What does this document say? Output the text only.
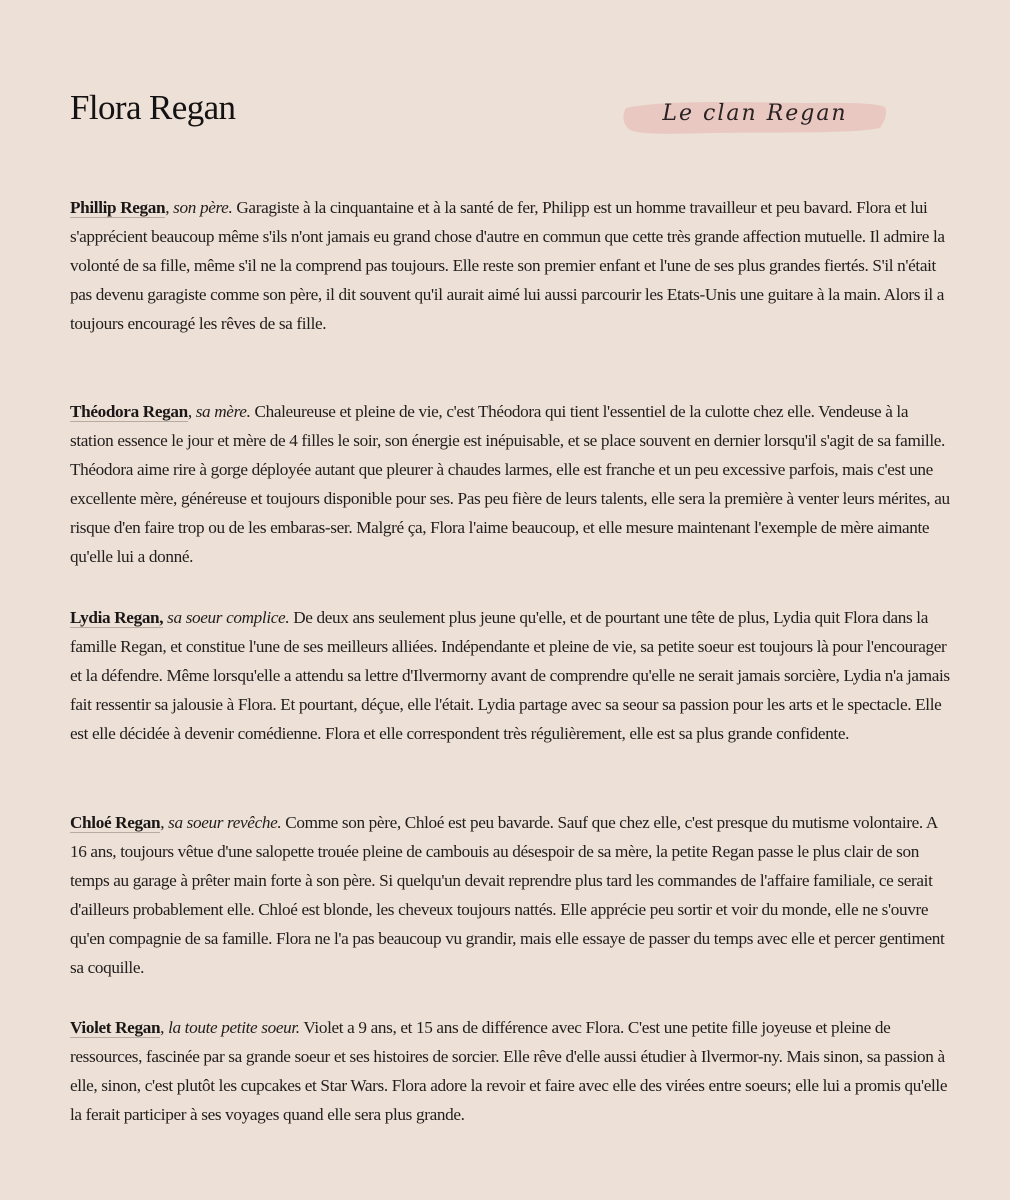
Flora Regan	Le clan Regan

Phillip Regan, son père. Garagiste à la cinquantaine et à la santé de fer, Philipp est un homme travailleur et peu bavard. Flora et lui s'apprécient beaucoup même s'ils n'ont jamais eu grand chose d'autre en commun que cette très grande affection mutuelle. Il admire la volonté de sa fille, même s'il ne la comprend pas toujours. Elle reste son premier enfant et l'une de ses plus grandes fiertés. S'il n'était pas devenu garagiste comme son père, il dit souvent qu'il aurait aimé lui aussi parcourir les Etats-Unis une guitare à la main. Alors il a toujours encouragé les rêves de sa fille.

Théodora Regan, sa mère. Chaleureuse et pleine de vie, c'est Théodora qui tient l'essentiel de la culotte chez elle. Vendeuse à la station essence le jour et mère de 4 filles le soir, son énergie est inépuisable, et se place souvent en dernier lorsqu'il s'agit de sa famille. Théodora aime rire à gorge déployée autant que pleurer à chaudes larmes, elle est franche et un peu excessive parfois, mais c'est une excellente mère, généreuse et toujours disponible pour ses. Pas peu fière de leurs talents, elle sera la première à venter leurs mérites, au risque d'en faire trop ou de les embaras-ser. Malgré ça, Flora l'aime beaucoup, et elle mesure maintenant l'exemple de mère aimante qu'elle lui a donné.

Lydia Regan, sa soeur complice. De deux ans seulement plus jeune qu'elle, et de pourtant une tête de plus, Lydia quit Flora dans la famille Regan, et constitue l'une de ses meilleurs alliées. Indépendante et pleine de vie, sa petite soeur est toujours là pour l'encourager et la défendre. Même lorsqu'elle a attendu sa lettre d'Ilvermorny avant de comprendre qu'elle ne serait jamais sorcière, Lydia n'a jamais fait ressentir sa jalousie à Flora. Et pourtant, déçue, elle l'était. Lydia partage avec sa seour sa passion pour les arts et le spectacle. Elle est elle décidée à devenir comédienne. Flora et elle correspondent très régulièrement, elle est sa plus grande confidente.

Chloé Regan, sa soeur revêche. Comme son père, Chloé est peu bavarde. Sauf que chez elle, c'est presque du mutisme volontaire. A 16 ans, toujours vêtue d'une salopette trouée pleine de cambouis au désespoir de sa mère, la petite Regan passe le plus clair de son temps au garage à prêter main forte à son père. Si quelqu'un devait reprendre plus tard les commandes de l'affaire familiale, ce serait d'ailleurs probablement elle. Chloé est blonde, les cheveux toujours nattés. Elle apprécie peu sortir et voir du monde, elle ne s'ouvre qu'en compagnie de sa famille. Flora ne l'a pas beaucoup vu grandir, mais elle essaye de passer du temps avec elle et percer gentiment sa coquille.

Violet Regan, la toute petite soeur. Violet a 9 ans, et 15 ans de différence avec Flora. C'est une petite fille joyeuse et pleine de ressources, fascinée par sa grande soeur et ses histoires de sorcier. Elle rêve d'elle aussi étudier à Ilvermor-ny. Mais sinon, sa passion à elle, sinon, c'est plutôt les cupcakes et Star Wars. Flora adore la revoir et faire avec elle des virées entre soeurs; elle lui a promis qu'elle la ferait participer à ses voyages quand elle sera plus grande.
